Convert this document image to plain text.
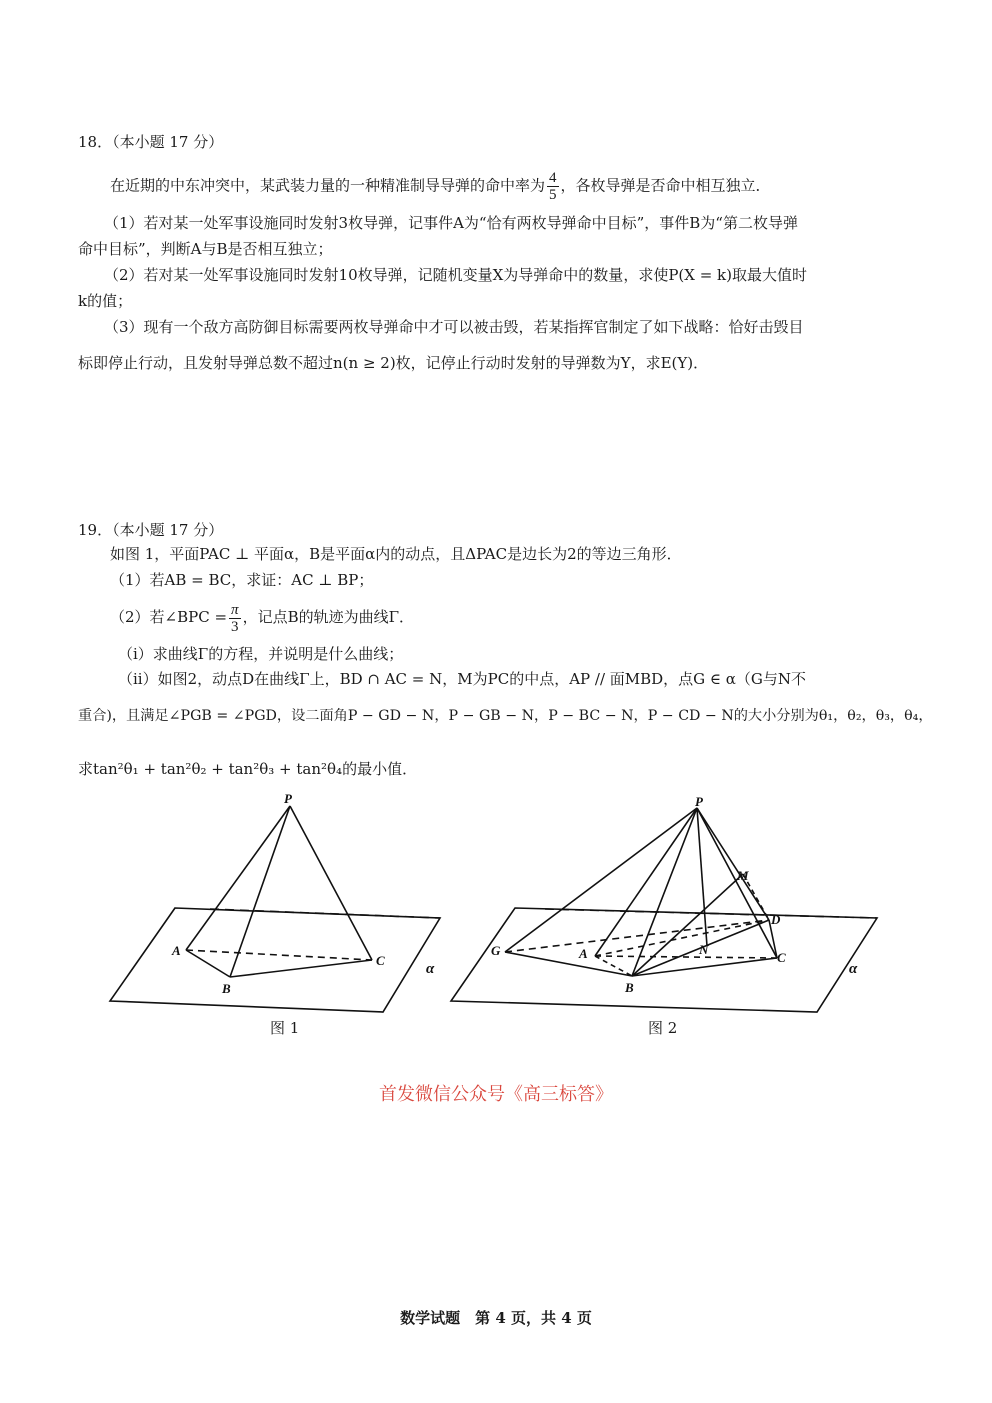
18．（本小题 17 分）
在近期的中东冲突中，某武装力量的一种精准制导导弹的命中率为 $\frac{4}{5}$ ，各枚导弹是否命中相互独立．
（1）若对某一处军事设施同时发射3枚导弹，记事件A为“恰有两枚导弹命中目标”，事件B为“第二枚导弹
命中目标”，判断A与B是否相互独立；
（2）若对某一处军事设施同时发射10枚导弹，记随机变量X为导弹命中的数量，求使P(X = k)取最大值时
k的值；
（3）现有一个敌方高防御目标需要两枚导弹命中才可以被击毁，若某指挥官制定了如下战略：恰好击毁目
标即停止行动，且发射导弹总数不超过n(n ≥ 2)枚，记停止行动时发射的导弹数为Y，求E(Y)．
19．（本小题 17 分）
如图 1，平面PAC ⊥ 平面α，B是平面α内的动点，且ΔPAC是边长为2的等边三角形．
（1）若AB = BC，求证：AC ⊥ BP；
（2）若∠BPC = $\frac{\pi}{3}$ ，记点B的轨迹为曲线Γ．
（i）求曲线Γ的方程，并说明是什么曲线；
（ii）如图2，动点D在曲线Γ上，BD ∩ AC = N，M为PC的中点，AP // 面MBD，点G ∈ α（G与N不
重合)，且满足∠PGB = ∠PGD，设二面角P − GD − N，P − GB − N，P − BC − N，P − CD − N的大小分别为θ₁，θ₂，θ₃，θ₄，
求tan²θ₁ + tan²θ₂ + tan²θ₃ + tan²θ₄的最小值．
P
A
B
C
α
图 1
P
M
D
G	A	N
C
B
α
图 2
首发微信公众号《高三标答》
数学试题　第 4 页，共 4 页
